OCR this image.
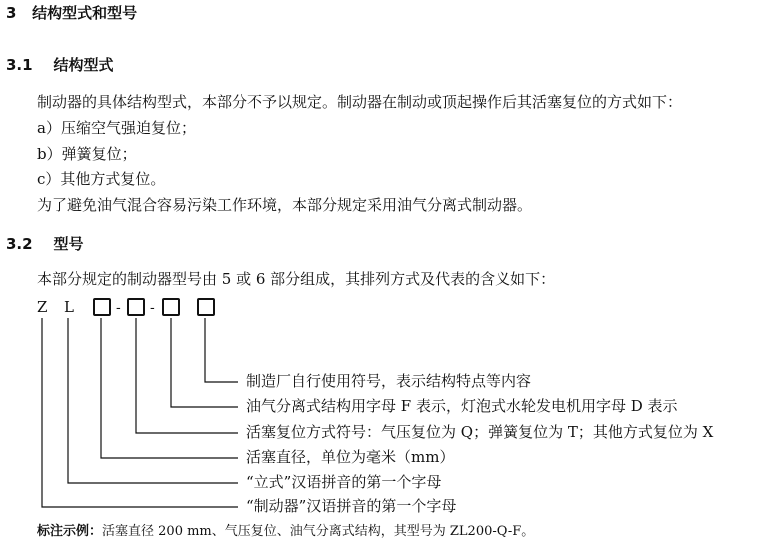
3 结构型式和型号
3.1 结构型式
制动器的具体结构型式，本部分不予以规定。制动器在制动或顶起操作后其活塞复位的方式如下：
a）压缩空气强迫复位；
b）弹簧复位；
c）其他方式复位。
为了避免油气混合容易污染工作环境，本部分规定采用油气分离式制动器。
3.2 型号
本部分规定的制动器型号由 5 或 6 部分组成，其排列方式及代表的含义如下：
Z L	- -
制造厂自行使用符号，表示结构特点等内容
油气分离式结构用字母 F 表示，灯泡式水轮发电机用字母 D 表示
活塞复位方式符号：气压复位为 Q；弹簧复位为 T；其他方式复位为 X
活塞直径，单位为毫米（mm）
“立式”汉语拼音的第一个字母
“制动器”汉语拼音的第一个字母
标注示例：活塞直径 200 mm、气压复位、油气分离式结构，其型号为 ZL200-Q-F。
